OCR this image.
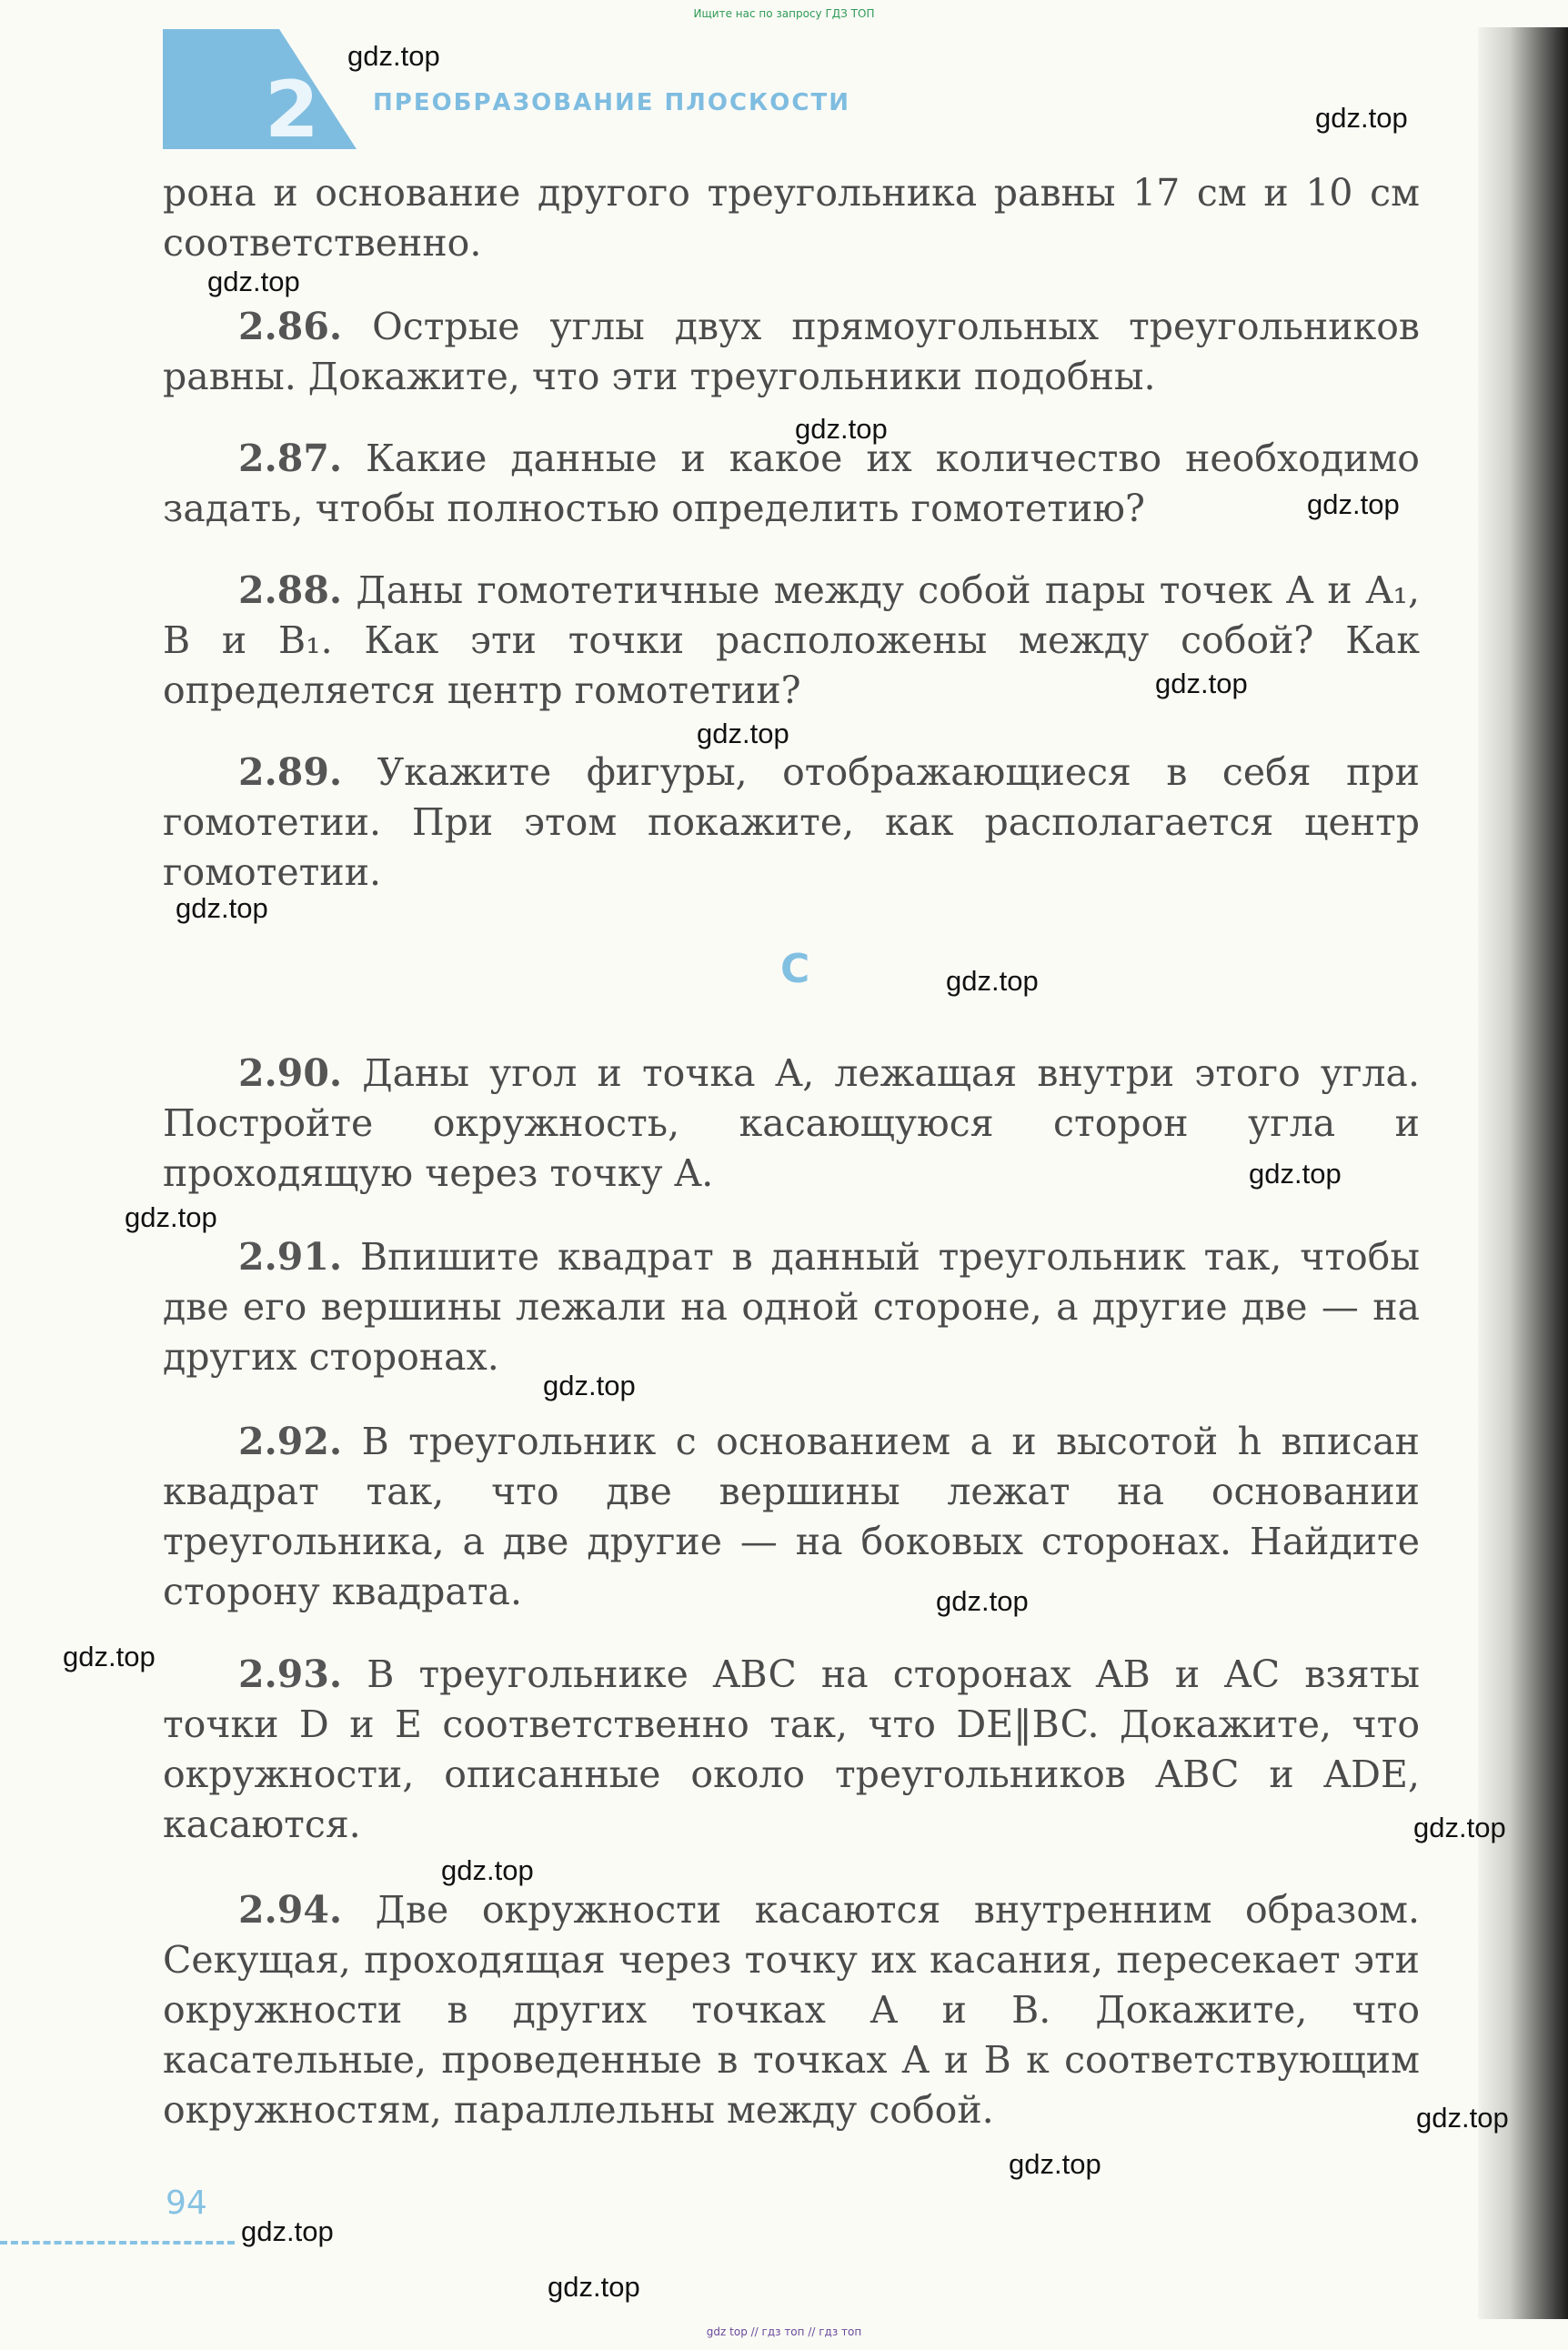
Ищите нас по запросу ГДЗ ТОП
2 ПРЕОБРАЗОВАНИЕ ПЛОСКОСТИ

рона и основание другого треугольника равны 17 см и 10 см соответственно.

2.86. Острые углы двух прямоугольных треугольников равны. Докажите, что эти треугольники подобны.

2.87. Какие данные и какое их количество необходимо задать, чтобы полностью определить гомотетию?

2.88. Даны гомотетичные между собой пары точек A и A₁, B и B₁. Как эти точки расположены между собой? Как определяется центр гомотетии?

2.89. Укажите фигуры, отображающиеся в себя при гомотетии. При этом покажите, как располагается центр гомотетии.

2.90. Даны угол и точка A, лежащая внутри этого угла. Постройте окружность, касающуюся сторон угла и проходящую через точку A.

2.91. Впишите квадрат в данный треугольник так, чтобы две его вершины лежали на одной стороне, а другие две — на других сторонах.

2.92. В треугольник с основанием a и высотой h вписан квадрат так, что две вершины лежат на основании треугольника, а две другие — на боковых сторонах. Найдите сторону квадрата.

2.93. В треугольнике ABC на сторонах AB и AC взяты точки D и E соответственно так, что DE‖BC. Докажите, что окружности, описанные около треугольников ABC и ADE, касаются.

2.94. Две окружности касаются внутренним образом. Секущая, проходящая через точку их касания, пересекает эти окружности в других точках A и B. Докажите, что касательные, проведенные в точках A и B к соответствующим окружностям, параллельны между собой.

C
94
gdz top // гдз топ // гдз топ
gdz.top
gdz.top
gdz.top
gdz.top
gdz.top
gdz.top
gdz.top
gdz.top
gdz.top
gdz.top
gdz.top
gdz.top
gdz.top
gdz.top
gdz.top
gdz.top
gdz.top
gdz.top
gdz.top
gdz.top
